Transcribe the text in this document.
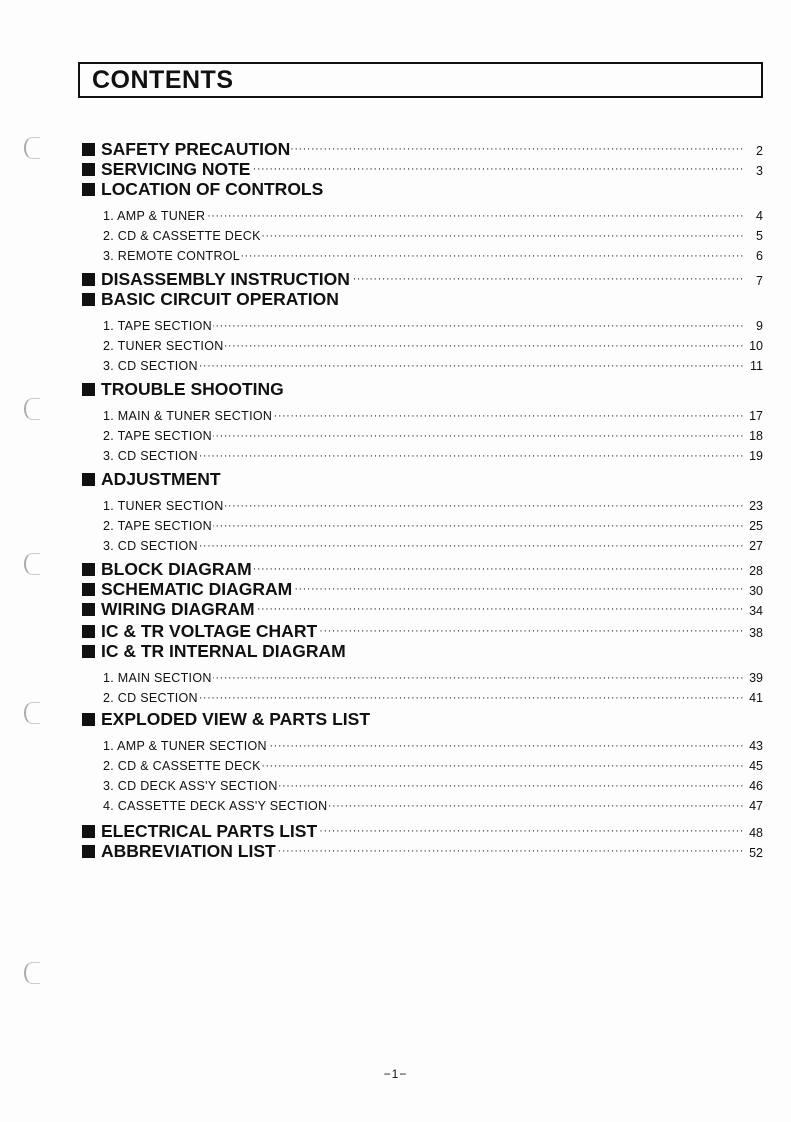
CONTENTS
SAFETY PRECAUTION ·····	2
SERVICING NOTE ·····	3
LOCATION OF CONTROLS
1. AMP & TUNER ·····	4
2. CD & CASSETTE DECK ·····	5
3. REMOTE CONTROL ·····	6
DISASSEMBLY INSTRUCTION ·····	7
BASIC CIRCUIT OPERATION
1. TAPE SECTION ·····	9
2. TUNER SECTION ·····	10
3. CD SECTION ·····	11
TROUBLE SHOOTING
1. MAIN & TUNER SECTION ·····	17
2. TAPE SECTION ·····	18
3. CD SECTION ·····	19
ADJUSTMENT
1. TUNER SECTION ·····	23
2. TAPE SECTION ·····	25
3. CD SECTION ·····	27
BLOCK DIAGRAM ·····	28
SCHEMATIC DIAGRAM ·····	30
WIRING DIAGRAM ·····	34
IC & TR VOLTAGE CHART ·····	38
IC & TR INTERNAL DIAGRAM
1. MAIN SECTION ·····	39
2. CD SECTION ·····	41
EXPLODED VIEW & PARTS LIST
1. AMP & TUNER SECTION ·····	43
2. CD & CASSETTE DECK ·····	45
3. CD DECK ASS'Y SECTION ·····	46
4. CASSETTE DECK ASS'Y SECTION ·····	47
ELECTRICAL PARTS LIST ·····	48
ABBREVIATION LIST ·····	52
−1−
